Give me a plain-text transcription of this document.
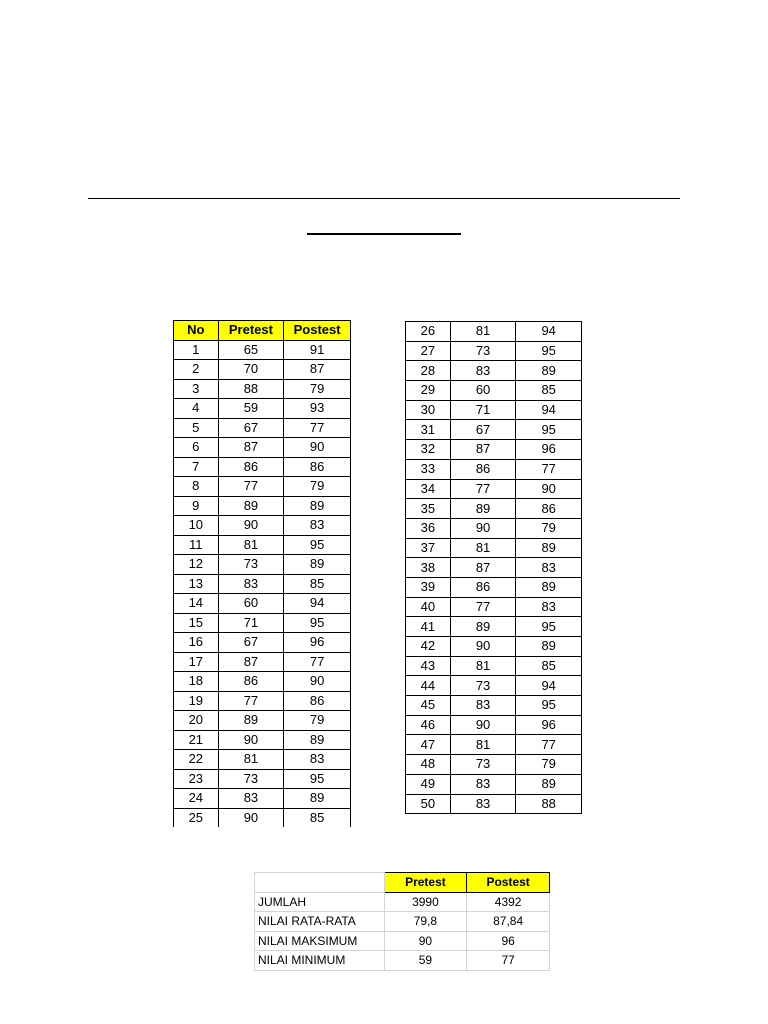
No	Pretest	Postest
1	65	91
2	70	87
3	88	79
4	59	93
5	67	77
6	87	90
7	86	86
8	77	79
9	89	89
10	90	83
11	81	95
12	73	89
13	83	85
14	60	94
15	71	95
16	67	96
17	87	77
18	86	90
19	77	86
20	89	79
21	90	89
22	81	83
23	73	95
24	83	89
25	90	85
26	81	94
27	73	95
28	83	89
29	60	85
30	71	94
31	67	95
32	87	96
33	86	77
34	77	90
35	89	86
36	90	79
37	81	89
38	87	83
39	86	89
40	77	83
41	89	95
42	90	89
43	81	85
44	73	94
45	83	95
46	90	96
47	81	77
48	73	79
49	83	89
50	83	88
	Pretest	Postest
JUMLAH	3990	4392
NILAI RATA-RATA	79,8	87,84
NILAI MAKSIMUM	90	96
NILAI MINIMUM	59	77
